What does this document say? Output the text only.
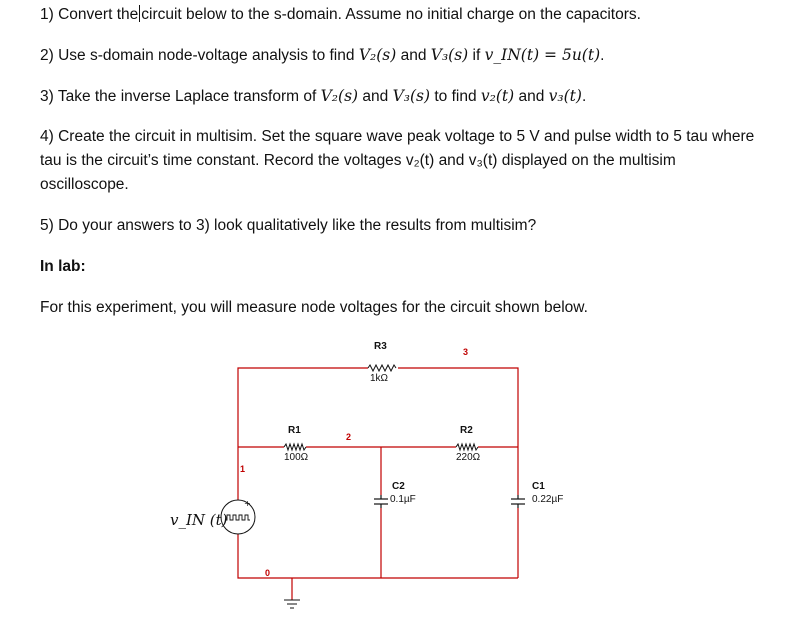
1) Convert the circuit below to the s-domain. Assume no initial charge on the capacitors.

2) Use s-domain node-voltage analysis to find V₂(s) and V₃(s) if v_IN(t) = 5u(t).

3) Take the inverse Laplace transform of V₂(s) and V₃(s) to find v₂(t) and v₃(t).

4) Create the circuit in multisim. Set the square wave peak voltage to 5 V and pulse width to 5 tau where tau is the circuit’s time constant. Record the voltages v₂(t) and v₃(t) displayed on the multisim oscilloscope.

5) Do your answers to 3) look qualitatively like the results from multisim?

In lab:

For this experiment, you will measure node voltages for the circuit shown below.

+
R3
1kΩ
R1
100Ω
R2
220Ω
C2
0.1µF
C1
0.22µF
1
2
3
0
v_IN (t)
